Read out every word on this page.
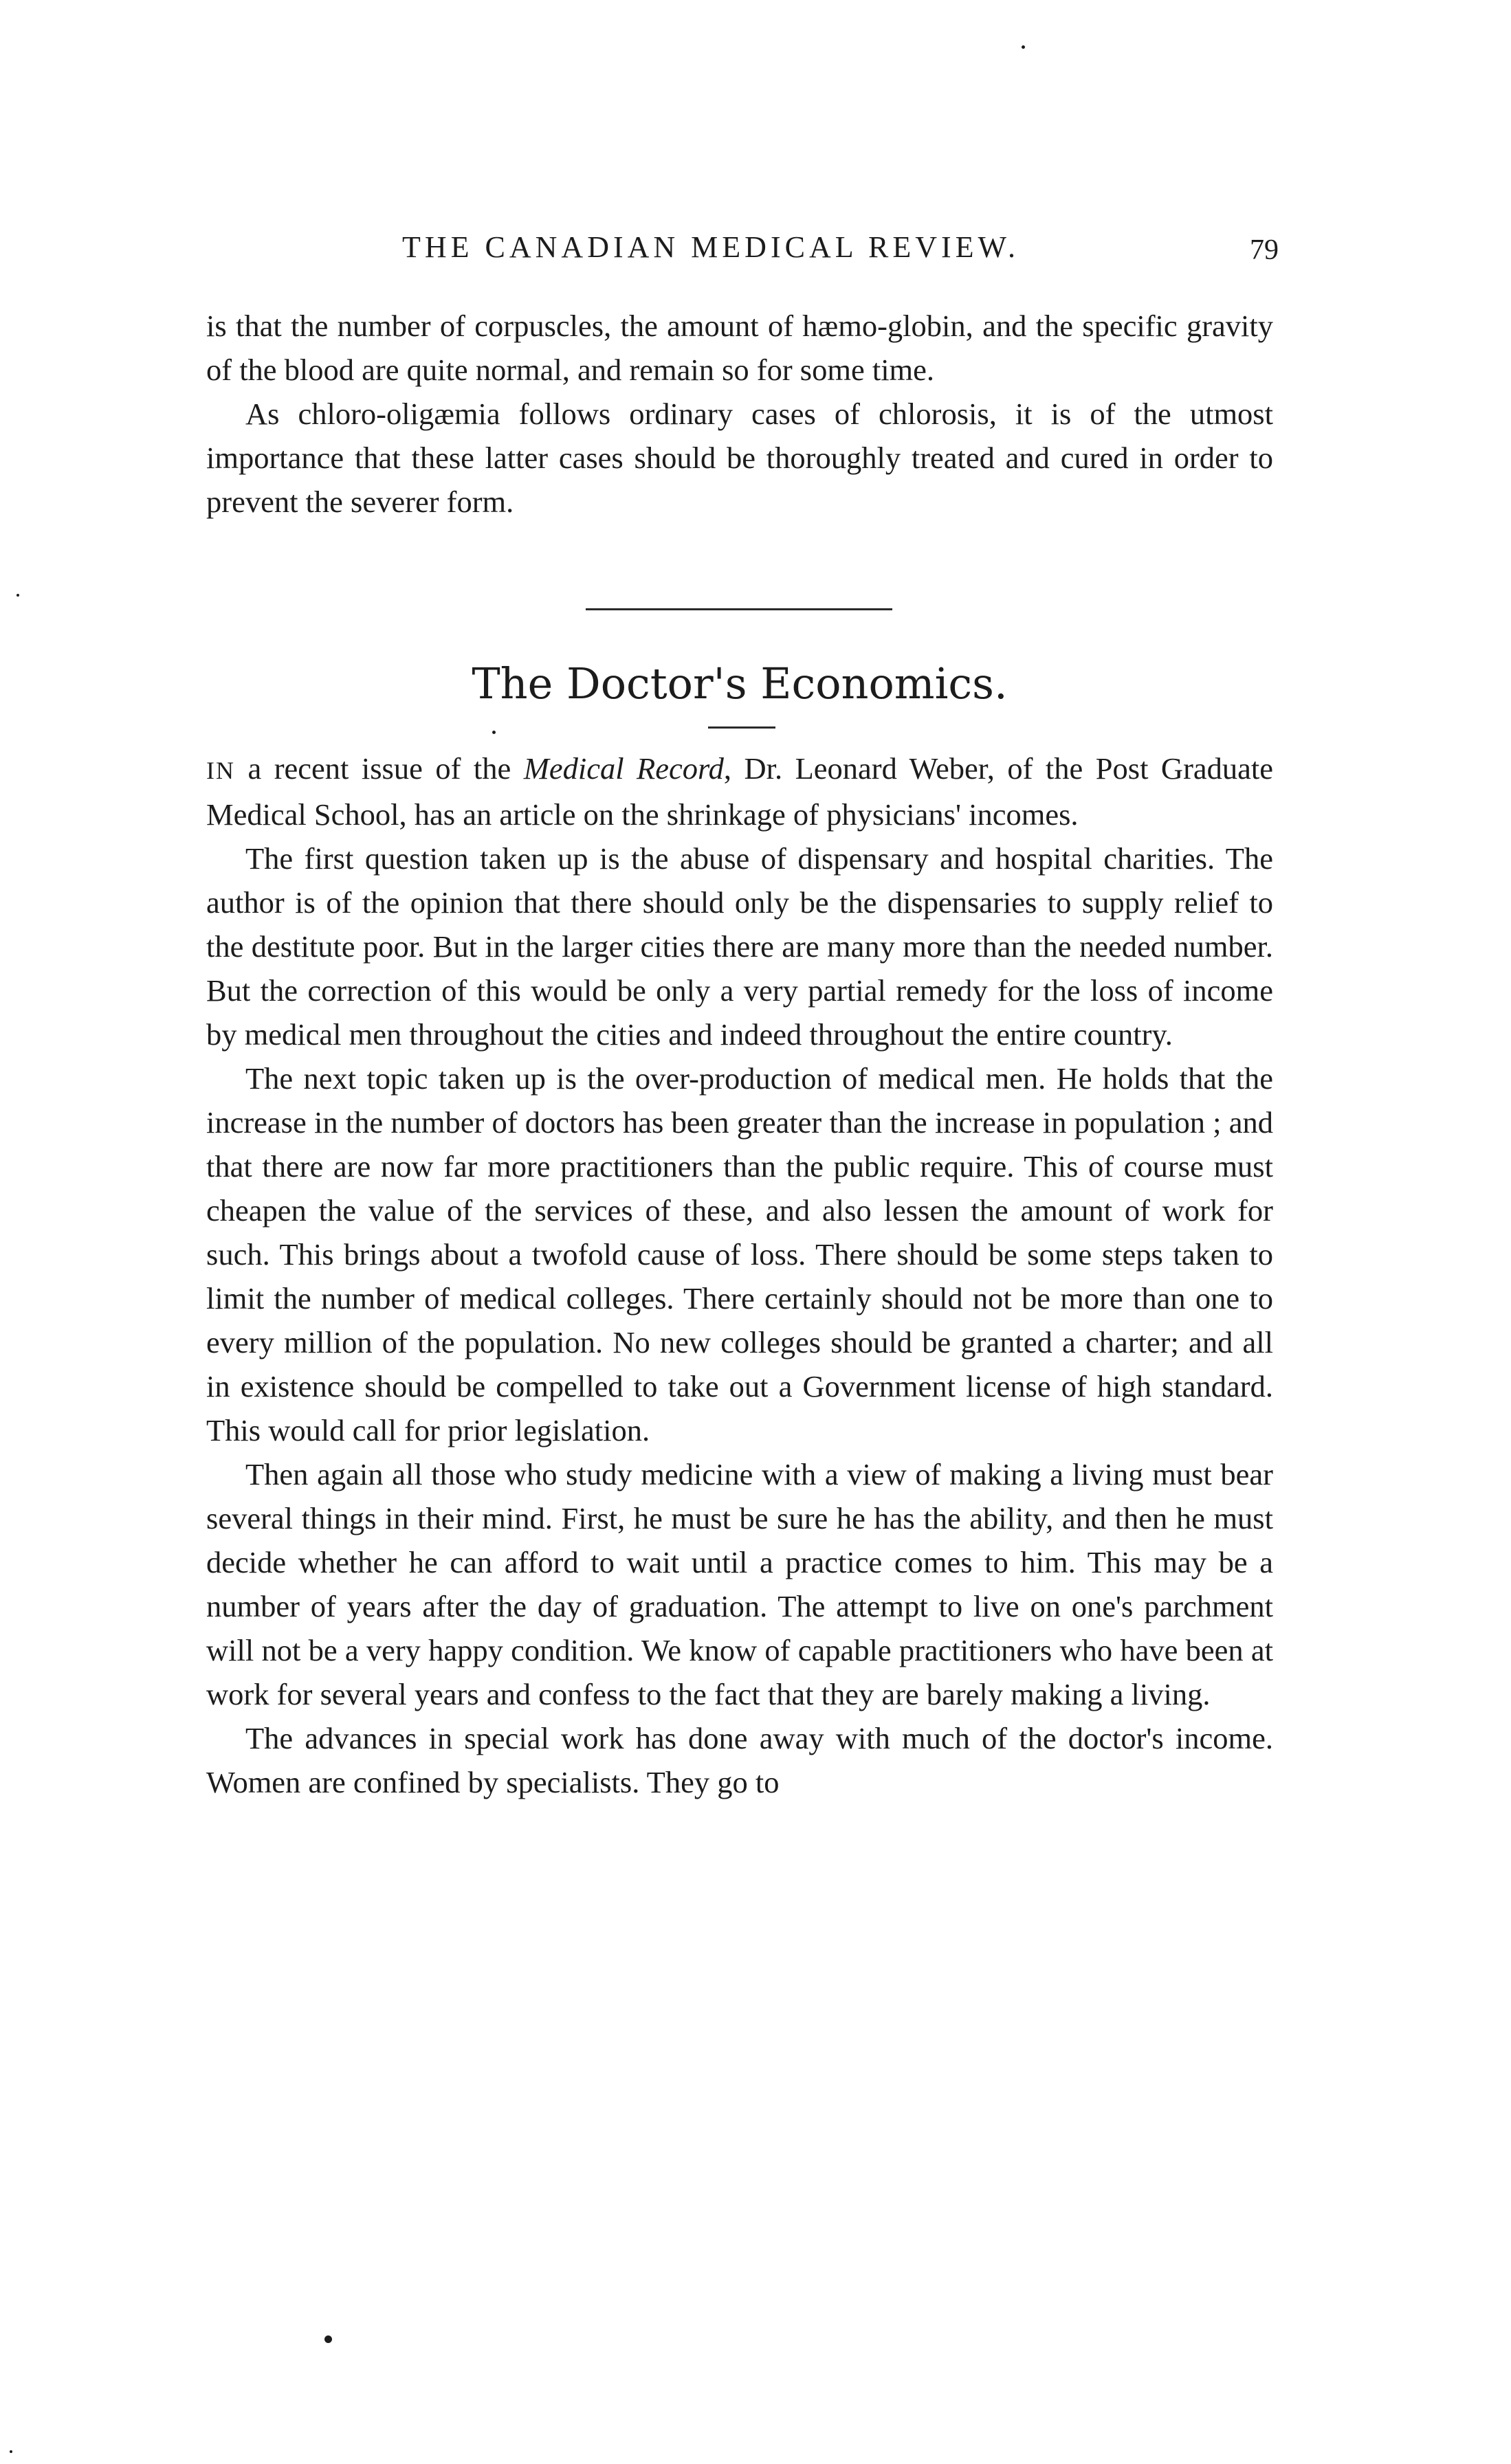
THE CANADIAN MEDICAL REVIEW.	79

is that the number of corpuscles, the amount of hæmo-globin, and the specific gravity of the blood are quite normal, and remain so for some time.

As chloro-oligæmia follows ordinary cases of chlorosis, it is of the utmost importance that these latter cases should be thoroughly treated and cured in order to prevent the severer form.

The Doctor's Economics.

IN a recent issue of the Medical Record, Dr. Leonard Weber, of the Post Graduate Medical School, has an article on the shrinkage of physicians' incomes.

The first question taken up is the abuse of dispensary and hospital charities. The author is of the opinion that there should only be the dispensaries to supply relief to the destitute poor. But in the larger cities there are many more than the needed number. But the correction of this would be only a very partial remedy for the loss of income by medical men throughout the cities and indeed throughout the entire country.

The next topic taken up is the over-production of medical men. He holds that the increase in the number of doctors has been greater than the increase in population ; and that there are now far more practitioners than the public require. This of course must cheapen the value of the services of these, and also lessen the amount of work for such. This brings about a twofold cause of loss. There should be some steps taken to limit the number of medical colleges. There certainly should not be more than one to every million of the population. No new colleges should be granted a charter; and all in existence should be compelled to take out a Government license of high standard. This would call for prior legislation.

Then again all those who study medicine with a view of making a living must bear several things in their mind. First, he must be sure he has the ability, and then he must decide whether he can afford to wait until a practice comes to him. This may be a number of years after the day of graduation. The attempt to live on one's parchment will not be a very happy condition. We know of capable practitioners who have been at work for several years and confess to the fact that they are barely making a living.

The advances in special work has done away with much of the doctor's income. Women are confined by specialists. They go to
